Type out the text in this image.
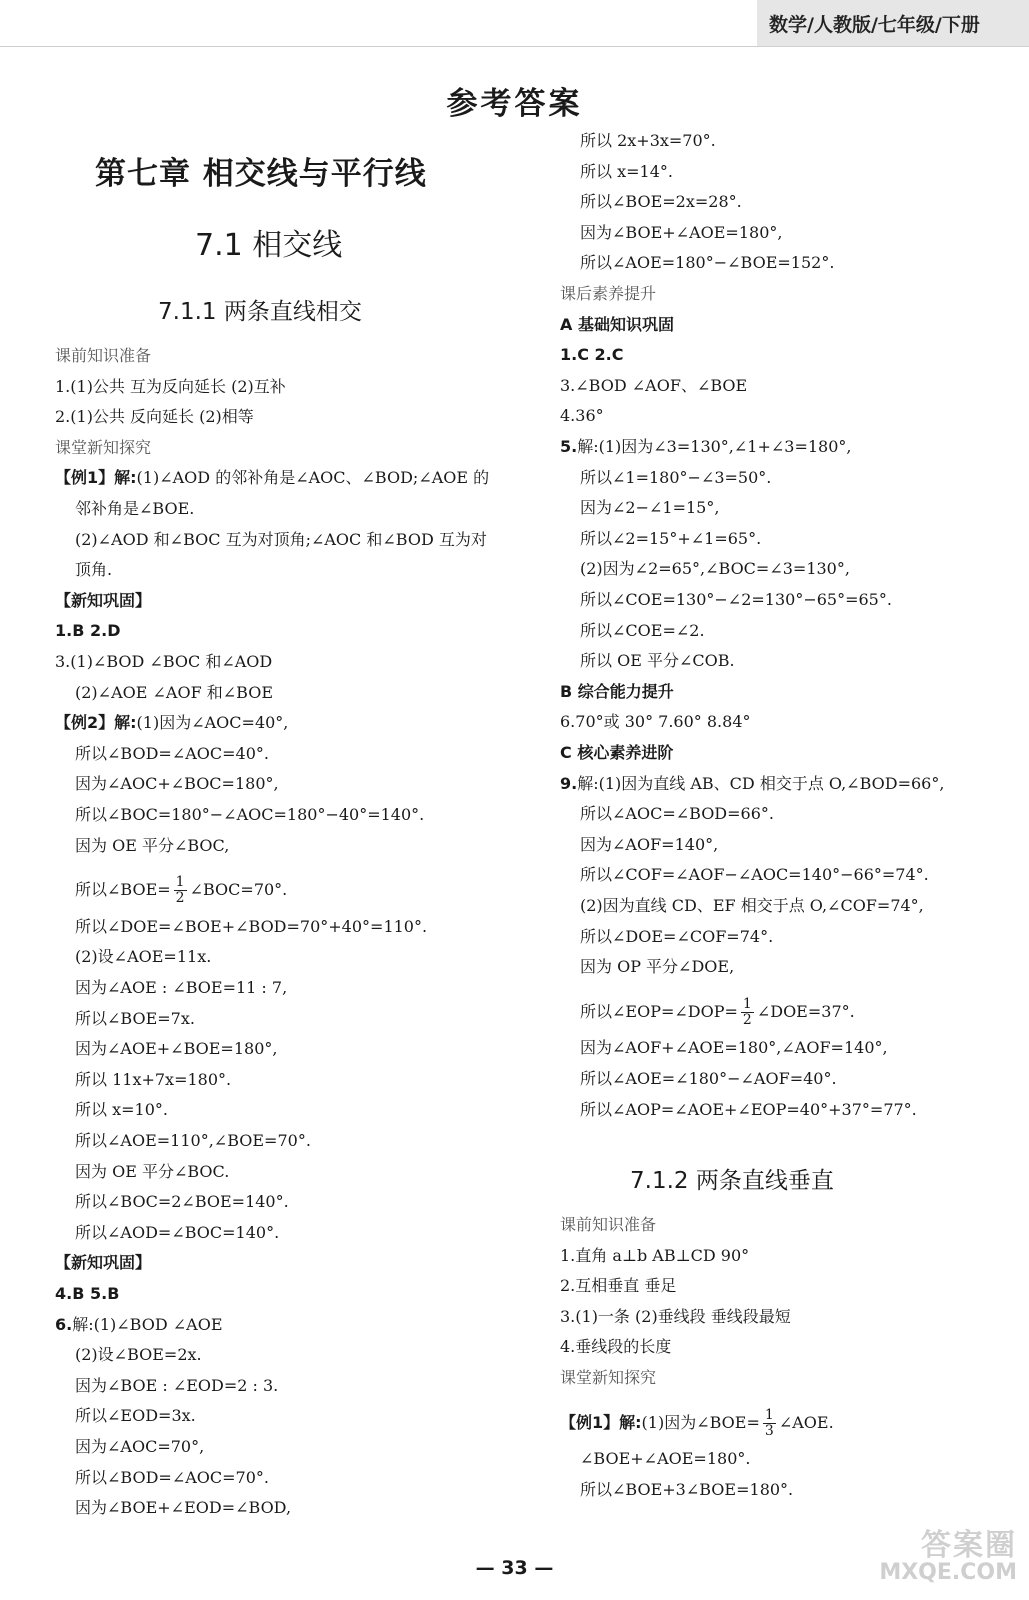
数学/人教版/七年级/下册
参考答案
第七章 相交线与平行线
7.1 相交线
7.1.1 两条直线相交
课前知识准备
1.(1)公共 互为反向延长 (2)互补
2.(1)公共 反向延长 (2)相等
课堂新知探究
【例1】解:(1)∠AOD 的邻补角是∠AOC、∠BOD;∠AOE 的
邻补角是∠BOE.
(2)∠AOD 和∠BOC 互为对顶角;∠AOC 和∠BOD 互为对
顶角.
【新知巩固】
1.B 2.D
3.(1)∠BOD ∠BOC 和∠AOD
(2)∠AOE ∠AOF 和∠BOE
【例2】解:(1)因为∠AOC=40°,
所以∠BOD=∠AOC=40°.
因为∠AOC+∠BOC=180°,
所以∠BOC=180°−∠AOC=180°−40°=140°.
因为 OE 平分∠BOC,
所以∠BOE= $\frac{1}{2}$ ∠BOC=70°.
所以∠DOE=∠BOE+∠BOD=70°+40°=110°.
(2)设∠AOE=11x.
因为∠AOE : ∠BOE=11 : 7,
所以∠BOE=7x.
因为∠AOE+∠BOE=180°,
所以 11x+7x=180°.
所以 x=10°.
所以∠AOE=110°,∠BOE=70°.
因为 OE 平分∠BOC.
所以∠BOC=2∠BOE=140°.
所以∠AOD=∠BOC=140°.
【新知巩固】
4.B 5.B
6.解:(1)∠BOD ∠AOE
(2)设∠BOE=2x.
因为∠BOE : ∠EOD=2 : 3.
所以∠EOD=3x.
因为∠AOC=70°,
所以∠BOD=∠AOC=70°.
因为∠BOE+∠EOD=∠BOD,
所以 2x+3x=70°.
所以 x=14°.
所以∠BOE=2x=28°.
因为∠BOE+∠AOE=180°,
所以∠AOE=180°−∠BOE=152°.
课后素养提升
A 基础知识巩固
1.C 2.C
3.∠BOD ∠AOF、∠BOE
4.36°
5.解:(1)因为∠3=130°,∠1+∠3=180°,
所以∠1=180°−∠3=50°.
因为∠2−∠1=15°,
所以∠2=15°+∠1=65°.
(2)因为∠2=65°,∠BOC=∠3=130°,
所以∠COE=130°−∠2=130°−65°=65°.
所以∠COE=∠2.
所以 OE 平分∠COB.
B 综合能力提升
6.70°或 30° 7.60° 8.84°
C 核心素养进阶
9.解:(1)因为直线 AB、CD 相交于点 O,∠BOD=66°,
所以∠AOC=∠BOD=66°.
因为∠AOF=140°,
所以∠COF=∠AOF−∠AOC=140°−66°=74°.
(2)因为直线 CD、EF 相交于点 O,∠COF=74°,
所以∠DOE=∠COF=74°.
因为 OP 平分∠DOE,
所以∠EOP=∠DOP= $\frac{1}{2}$ ∠DOE=37°.
因为∠AOF+∠AOE=180°,∠AOF=140°,
所以∠AOE=∠180°−∠AOF=40°.
所以∠AOP=∠AOE+∠EOP=40°+37°=77°.
7.1.2 两条直线垂直
课前知识准备
1.直角 a⊥b AB⊥CD 90°
2.互相垂直 垂足
3.(1)一条 (2)垂线段 垂线段最短
4.垂线段的长度
课堂新知探究
【例1】解:(1)因为∠BOE= $\frac{1}{3}$ ∠AOE.
∠BOE+∠AOE=180°.
所以∠BOE+3∠BOE=180°.
— 33 —
答案圈
MXQE.COM
